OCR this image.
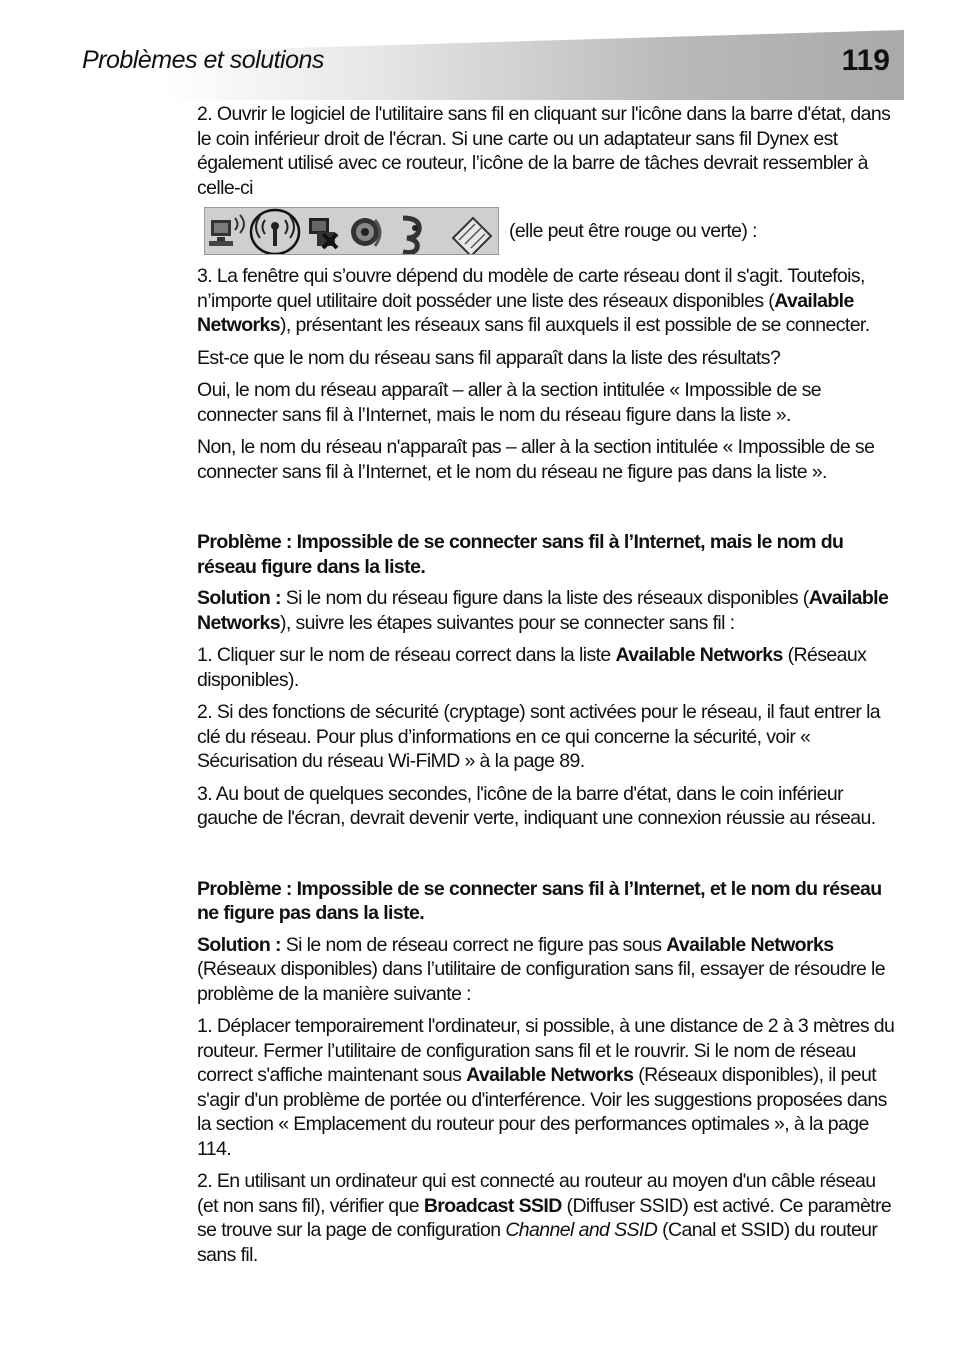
Problèmes et solutions	119

2. Ouvrir le logiciel de l'utilitaire sans fil en cliquant sur l'icône dans la barre d'état, dans le coin inférieur droit de l'écran. Si une carte ou un adaptateur sans fil Dynex est également utilisé avec ce routeur, l’icône de la barre de tâches devrait ressembler à celle-ci

(elle peut être rouge ou verte) :

3. La fenêtre qui s’ouvre dépend du modèle de carte réseau dont il s'agit. Toutefois, n’importe quel utilitaire doit posséder une liste des réseaux disponibles (Available Networks), présentant les réseaux sans fil auxquels il est possible de se connecter.

Est-ce que le nom du réseau sans fil apparaît dans la liste des résultats?

Oui, le nom du réseau apparaît – aller à la section intitulée « Impossible de se connecter sans fil à l’Internet, mais le nom du réseau figure dans la liste ».

Non, le nom du réseau n'apparaît pas – aller à la section intitulée « Impossible de se connecter sans fil à l’Internet, et le nom du réseau ne figure pas dans la liste ».

Problème : Impossible de se connecter sans fil à l’Internet, mais le nom du réseau figure dans la liste.

Solution : Si le nom du réseau figure dans la liste des réseaux disponibles (Available Networks), suivre les étapes suivantes pour se connecter sans fil :

1. Cliquer sur le nom de réseau correct dans la liste Available Networks (Réseaux disponibles).

2. Si des fonctions de sécurité (cryptage) sont activées pour le réseau, il faut entrer la clé du réseau. Pour plus d’informations en ce qui concerne la sécurité, voir « Sécurisation du réseau Wi-FiMD » à la page 89.

3. Au bout de quelques secondes, l'icône de la barre d'état, dans le coin inférieur gauche de l'écran, devrait devenir verte, indiquant une connexion réussie au réseau.

Problème : Impossible de se connecter sans fil à l’Internet, et le nom du réseau ne figure pas dans la liste.

Solution : Si le nom de réseau correct ne figure pas sous Available Networks (Réseaux disponibles) dans l’utilitaire de configuration sans fil, essayer de résoudre le problème de la manière suivante :

1. Déplacer temporairement l'ordinateur, si possible, à une distance de 2 à 3 mètres du routeur. Fermer l’utilitaire de configuration sans fil et le rouvrir. Si le nom de réseau correct s'affiche maintenant sous Available Networks (Réseaux disponibles), il peut s'agir d'un problème de portée ou d'interférence. Voir les suggestions proposées dans la section « Emplacement du routeur pour des performances optimales », à la page 114.

2. En utilisant un ordinateur qui est connecté au routeur au moyen d'un câble réseau (et non sans fil), vérifier que Broadcast SSID (Diffuser SSID) est activé. Ce paramètre se trouve sur la page de configuration Channel and SSID (Canal et SSID) du routeur sans fil.
